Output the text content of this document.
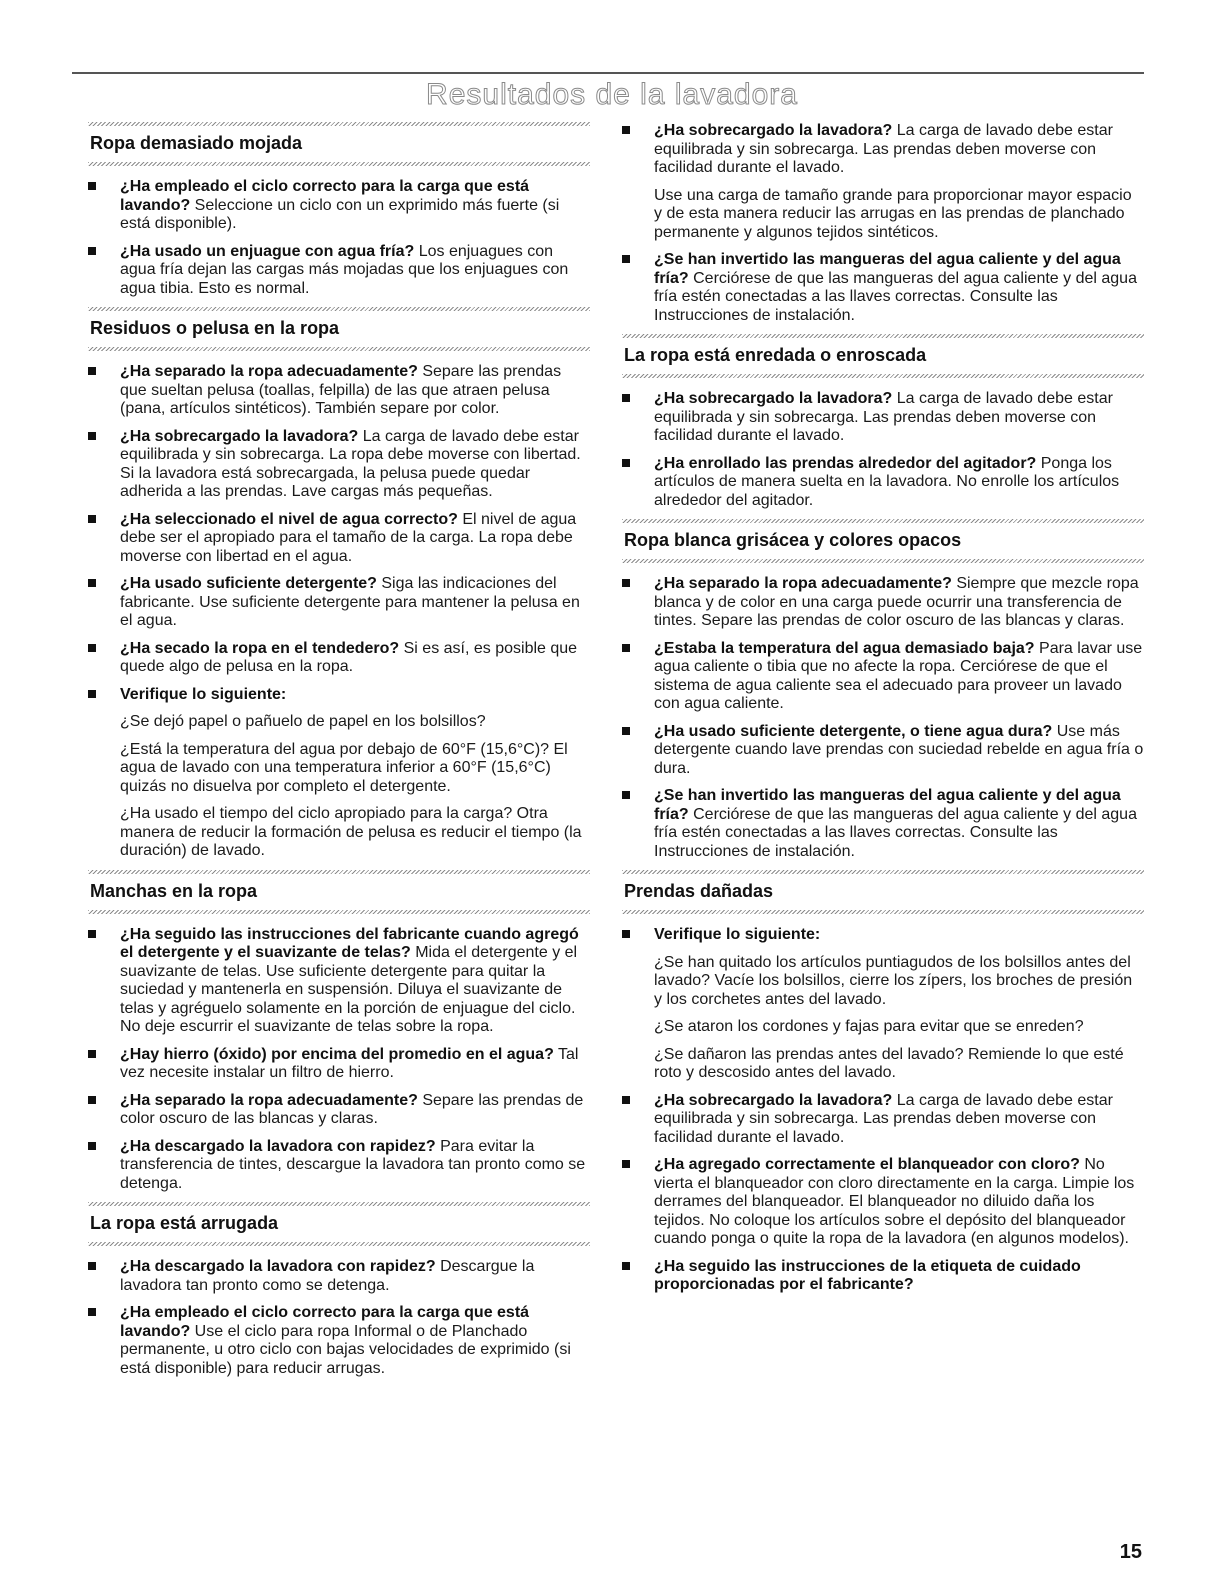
Resultados de la lavadora
Ropa demasiado mojada
¿Ha empleado el ciclo correcto para la carga que está lavando? Seleccione un ciclo con un exprimido más fuerte (si está disponible).
¿Ha usado un enjuague con agua fría? Los enjuagues con agua fría dejan las cargas más mojadas que los enjuagues con agua tibia. Esto es normal.
Residuos o pelusa en la ropa
¿Ha separado la ropa adecuadamente? Separe las prendas que sueltan pelusa (toallas, felpilla) de las que atraen pelusa (pana, artículos sintéticos). También separe por color.
¿Ha sobrecargado la lavadora? La carga de lavado debe estar equilibrada y sin sobrecarga. La ropa debe moverse con libertad. Si la lavadora está sobrecargada, la pelusa puede quedar adherida a las prendas. Lave cargas más pequeñas.
¿Ha seleccionado el nivel de agua correcto? El nivel de agua debe ser el apropiado para el tamaño de la carga. La ropa debe moverse con libertad en el agua.
¿Ha usado suficiente detergente? Siga las indicaciones del fabricante. Use suficiente detergente para mantener la pelusa en el agua.
¿Ha secado la ropa en el tendedero? Si es así, es posible que quede algo de pelusa en la ropa.
Verifique lo siguiente:
¿Se dejó papel o pañuelo de papel en los bolsillos?
¿Está la temperatura del agua por debajo de 60°F (15,6°C)? El agua de lavado con una temperatura inferior a 60°F (15,6°C) quizás no disuelva por completo el detergente.
¿Ha usado el tiempo del ciclo apropiado para la carga? Otra manera de reducir la formación de pelusa es reducir el tiempo (la duración) de lavado.
Manchas en la ropa
¿Ha seguido las instrucciones del fabricante cuando agregó el detergente y el suavizante de telas? Mida el detergente y el suavizante de telas. Use suficiente detergente para quitar la suciedad y mantenerla en suspensión. Diluya el suavizante de telas y agréguelo solamente en la porción de enjuague del ciclo. No deje escurrir el suavizante de telas sobre la ropa.
¿Hay hierro (óxido) por encima del promedio en el agua? Tal vez necesite instalar un filtro de hierro.
¿Ha separado la ropa adecuadamente? Separe las prendas de color oscuro de las blancas y claras.
¿Ha descargado la lavadora con rapidez? Para evitar la transferencia de tintes, descargue la lavadora tan pronto como se detenga.
La ropa está arrugada
¿Ha descargado la lavadora con rapidez? Descargue la lavadora tan pronto como se detenga.
¿Ha empleado el ciclo correcto para la carga que está lavando? Use el ciclo para ropa Informal o de Planchado permanente, u otro ciclo con bajas velocidades de exprimido (si está disponible) para reducir arrugas.
¿Ha sobrecargado la lavadora? La carga de lavado debe estar equilibrada y sin sobrecarga. Las prendas deben moverse con facilidad durante el lavado.
Use una carga de tamaño grande para proporcionar mayor espacio y de esta manera reducir las arrugas en las prendas de planchado permanente y algunos tejidos sintéticos.
¿Se han invertido las mangueras del agua caliente y del agua fría? Cerciórese de que las mangueras del agua caliente y del agua fría estén conectadas a las llaves correctas. Consulte las Instrucciones de instalación.
La ropa está enredada o enroscada
¿Ha sobrecargado la lavadora? La carga de lavado debe estar equilibrada y sin sobrecarga. Las prendas deben moverse con facilidad durante el lavado.
¿Ha enrollado las prendas alrededor del agitador? Ponga los artículos de manera suelta en la lavadora. No enrolle los artículos alrededor del agitador.
Ropa blanca grisácea y colores opacos
¿Ha separado la ropa adecuadamente? Siempre que mezcle ropa blanca y de color en una carga puede ocurrir una transferencia de tintes. Separe las prendas de color oscuro de las blancas y claras.
¿Estaba la temperatura del agua demasiado baja? Para lavar use agua caliente o tibia que no afecte la ropa. Cerciórese de que el sistema de agua caliente sea el adecuado para proveer un lavado con agua caliente.
¿Ha usado suficiente detergente, o tiene agua dura? Use más detergente cuando lave prendas con suciedad rebelde en agua fría o dura.
¿Se han invertido las mangueras del agua caliente y del agua fría? Cerciórese de que las mangueras del agua caliente y del agua fría estén conectadas a las llaves correctas. Consulte las Instrucciones de instalación.
Prendas dañadas
Verifique lo siguiente:
¿Se han quitado los artículos puntiagudos de los bolsillos antes del lavado? Vacíe los bolsillos, cierre los zípers, los broches de presión y los corchetes antes del lavado.
¿Se ataron los cordones y fajas para evitar que se enreden?
¿Se dañaron las prendas antes del lavado? Remiende lo que esté roto y descosido antes del lavado.
¿Ha sobrecargado la lavadora? La carga de lavado debe estar equilibrada y sin sobrecarga. Las prendas deben moverse con facilidad durante el lavado.
¿Ha agregado correctamente el blanqueador con cloro? No vierta el blanqueador con cloro directamente en la carga. Limpie los derrames del blanqueador. El blanqueador no diluido daña los tejidos. No coloque los artículos sobre el depósito del blanqueador cuando ponga o quite la ropa de la lavadora (en algunos modelos).
¿Ha seguido las instrucciones de la etiqueta de cuidado proporcionadas por el fabricante?
15
